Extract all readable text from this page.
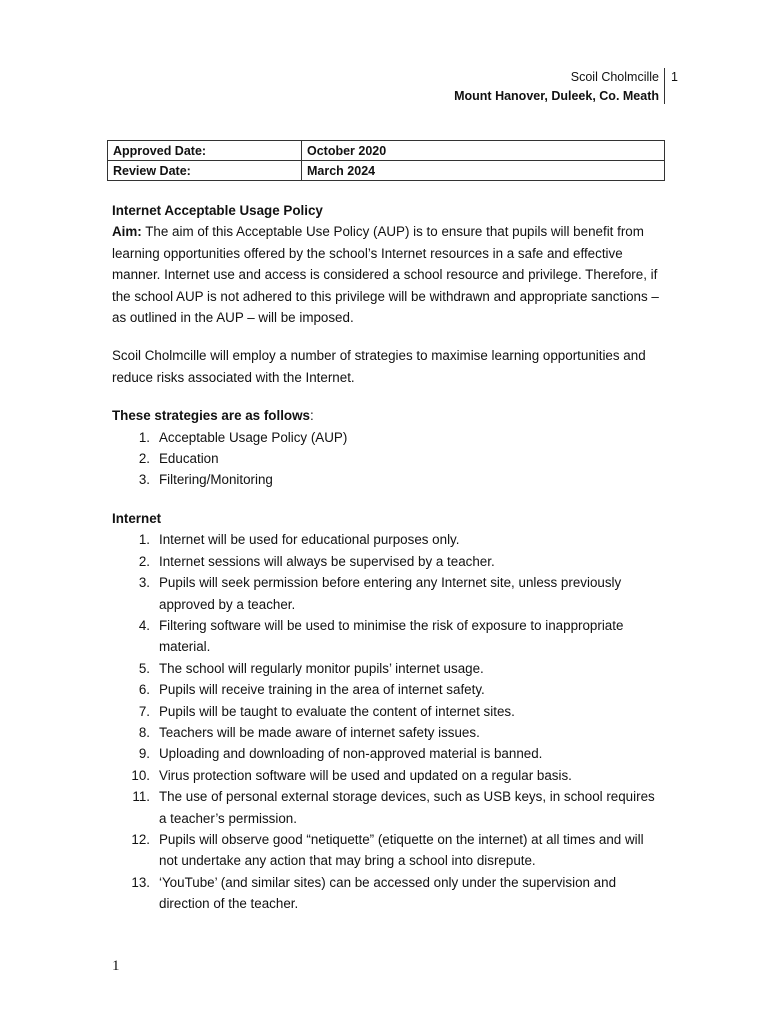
Scoil Cholmcille
Mount Hanover, Duleek, Co. Meath
1
Approved Date:	October 2020
Review Date:	March 2024

Internet Acceptable Usage Policy

Aim: The aim of this Acceptable Use Policy (AUP) is to ensure that pupils will benefit from learning opportunities offered by the school’s Internet resources in a safe and effective manner. Internet use and access is considered a school resource and privilege. Therefore, if the school AUP is not adhered to this privilege will be withdrawn and appropriate sanctions – as outlined in the AUP – will be imposed.

Scoil Cholmcille will employ a number of strategies to maximise learning opportunities and reduce risks associated with the Internet.

These strategies are as follows:

1. Acceptable Usage Policy (AUP)
2. Education
3. Filtering/Monitoring

Internet

1. Internet will be used for educational purposes only.
2. Internet sessions will always be supervised by a teacher.
3. Pupils will seek permission before entering any Internet site, unless previously approved by a teacher.
4. Filtering software will be used to minimise the risk of exposure to inappropriate material.
5. The school will regularly monitor pupils’ internet usage.
6. Pupils will receive training in the area of internet safety.
7. Pupils will be taught to evaluate the content of internet sites.
8. Teachers will be made aware of internet safety issues.
9. Uploading and downloading of non-approved material is banned.
10. Virus protection software will be used and updated on a regular basis.
11. The use of personal external storage devices, such as USB keys, in school requires a teacher’s permission.
12. Pupils will observe good “netiquette” (etiquette on the internet) at all times and will not undertake any action that may bring a school into disrepute.
13. ‘YouTube’ (and similar sites) can be accessed only under the supervision and direction of the teacher.
1
